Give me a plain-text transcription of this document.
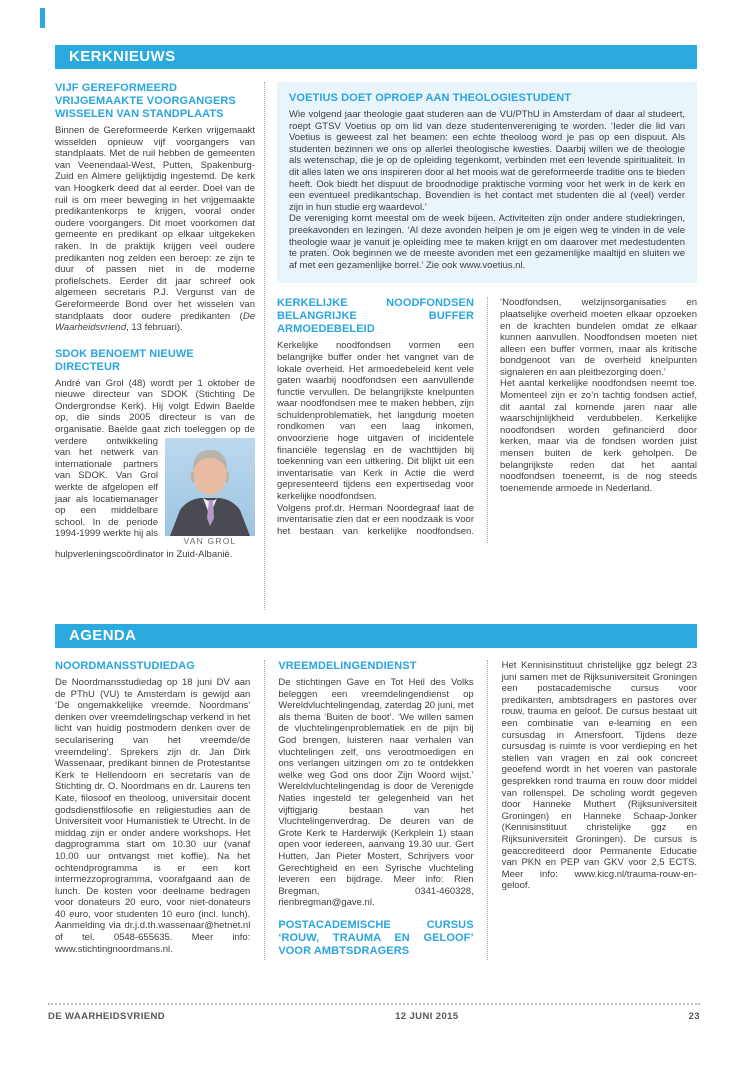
KERKNIEUWS
VIJF GEREFORMEERD VRIJGEMAAKTE VOORGANGERS WISSELEN VAN STANDPLAATS

Binnen de Gereformeerde Kerken vrijgemaakt wisselden opnieuw vijf voorgangers van standplaats. Met de ruil hebben de gemeenten van Veenendaal-West, Putten, Spakenburg-Zuid en Almere gelijktijdig ingestemd. De kerk van Hoogkerk deed dat al eerder. Doel van de ruil is om meer beweging in het vrijgemaakte predikantenkorps te krijgen, vooral onder oudere voorgangers. Dit moet voorkomen dat gemeente en predikant op elkaar uitgekeken raken. In de praktijk krijgen veel oudere predikanten nog zelden een beroep: ze zijn te duur of passen niet in de moderne profielschets. Eerder dit jaar schreef ook algemeen secretaris P.J. Vergunst van de Gereformeerde Bond over het wisselen van standplaats door oudere predikanten (De Waarheidsvriend, 13 februari).

SDOK BENOEMT NIEUWE DIRECTEUR

André van Grol (48) wordt per 1 oktober de nieuwe directeur van SDOK (Stichting De Ondergrondse Kerk). Hij volgt Edwin Baelde op, die sinds 2005 directeur is van de organisatie. Baelde gaat zich toeleggen op de verdere
VAN GROL
ontwikkeling van het netwerk van internationale partners van SDOK. Van Grol werkte de afgelopen elf jaar als locatiemanager op een middelbare school. In de periode 1994-1999 werkte hij als hulpverleningscoördinator in Zuid-Albanië.

VOETIUS DOET OPROEP AAN THEOLOGIESTUDENT

Wie volgend jaar theologie gaat studeren aan de VU/PThU in Amsterdam of daar al studeert, roept GTSV Voetius op om lid van deze studentenvereniging te worden. ‘Ieder die lid van Voetius is geweest zal het beamen: een echte theoloog word je pas op een dispuut. Als studenten bezinnen we ons op allerlei theologische kwesties. Daarbij willen we de theologie als wetenschap, die je op de opleiding tegenkomt, verbinden met een levende spiritualiteit. In dit alles laten we ons inspireren door al het moois wat de gereformeerde traditie ons te bieden heeft. Ook biedt het dispuut de broodnodige praktische vorming voor het werk in de kerk en een eventueel predikantschap. Bovendien is het contact met studenten die al (veel) verder zijn in hun studie erg waardevol.’

De vereniging komt meestal om de week bijeen. Activiteiten zijn onder andere studiekringen, preekavonden en lezingen. ‘Al deze avonden helpen je om je eigen weg te vinden in de vele theologie waar je vanuit je opleiding mee te maken krijgt en om daarover met medestudenten te praten. Ook beginnen we de meeste avonden met een gezamenlijke maaltijd en sluiten we af met een gezamenlijke borrel.’ Zie ook www.voetius.nl.

KERKELIJKE NOODFONDSEN BELANGRIJKE BUFFER ARMOEDEBELEID

Kerkelijke noodfondsen vormen een belangrijke buffer onder het vangnet van de lokale overheid. Het armoedebeleid kent vele gaten waarbij noodfondsen een aanvullende functie vervullen. De belangrijkste knelpunten waar noodfondsen mee te maken hebben, zijn schuldenproblematiek, het langdurig moeten rondkomen van een laag inkomen, onvoorziene hoge uitgaven of incidentele financiële tegenslag en de wachttijden bij toekenning van een uitkering. Dit blijkt uit een inventarisatie van Kerk in Actie die werd gepresenteerd tijdens een expertisedag voor kerkelijke noodfondsen.

Volgens prof.dr. Herman Noordegraaf laat de inventarisatie zien dat er een noodzaak is voor het bestaan van kerkelijke noodfondsen. ‘Noodfondsen, welzijnsorganisaties en plaatselijke overheid moeten elkaar opzoeken en de krachten bundelen omdat ze elkaar kunnen aanvullen. Noodfondsen moeten niet alleen een buffer vormen, maar als kritische bondgenoot van de overheid knelpunten signaleren en aan pleitbezorging doen.’

Het aantal kerkelijke noodfondsen neemt toe. Momenteel zijn er zo’n tachtig fondsen actief, dit aantal zal komende jaren naar alle waarschijnlijkheid verdubbelen. Kerkelijke noodfondsen worden gefinancierd door kerken, maar via de fondsen worden juist mensen buiten de kerk geholpen. De belangrijkste reden dat het aantal noodfondsen toeneemt, is de nog steeds toenemende armoede in Nederland.

AGENDA
NOORDMANSSTUDIEDAG

De Noordmansstudiedag op 18 juni DV aan de PThU (VU) te Amsterdam is gewijd aan ‘De ongemakkelijke vreemde. Noordmans’ denken over vreemdelingschap verkend in het licht van huidig postmodern denken over de secularisering van het vreemde/de vreemdeling’. Sprekers zijn dr. Jan Dirk Wassenaar, predikant binnen de Protestantse Kerk te Hellendoorn en secretaris van de Stichting dr. O. Noordmans en dr. Laurens ten Kate, filosoof en theoloog, universitair docent godsdienstfilosofie en religiestudies aan de Universiteit voor Humanistiek te Utrecht. In de middag zijn er onder andere workshops. Het dagprogramma start om 10.30 uur (vanaf 10.00 uur ontvangst met koffie). Na het ochtendprogramma is er een kort intermezzoprogramma, voorafgaand aan de lunch. De kosten voor deelname bedragen voor donateurs 20 euro, voor niet-donateurs 40 euro, voor studenten 10 euro (incl. lunch). Aanmelding via dr.j.d.th.wassenaar@hetnet.nl of tel. 0548-655635. Meer info: www.stichtingnoordmans.nl.

VREEMDELINGENDIENST

De stichtingen Gave en Tot Heil des Volks beleggen een vreemdelingendienst op Wereldvluchtelingendag, zaterdag 20 juni, met als thema ‘Buiten de boot’. ‘We willen samen de vluchtelingenproblematiek en de pijn bij God brengen, luisteren naar verhalen van vluchtelingen zelf, ons verootmoedigen en ons verlangen uitzingen om zo te ontdekken welke weg God ons door Zijn Woord wijst.’ Wereldvluchtelingendag is door de Verenigde Naties ingesteld ter gelegenheid van het vijftigjarig bestaan van het Vluchtelingenverdrag. De deuren van de Grote Kerk te Harderwijk (Kerkplein 1) staan open voor iedereen, aanvang 19.30 uur. Gert Hutten, Jan Pieter Mostert, Schrijvers voor Gerechtigheid en een Syrische vluchteling leveren een bijdrage. Meer info: Rien Bregman, 0341-460328, rienbregman@gave.nl.

POSTACADEMISCHE CURSUS ‘ROUW, TRAUMA EN GELOOF’ VOOR AMBTSDRAGERS

Het Kennisinstituut christelijke ggz belegt 23 juni samen met de Rijksuniversiteit Groningen een postacademische cursus voor predikanten, ambtsdragers en pastores over rouw, trauma en geloof. De cursus bestaat uit een combinatie van e-learning en een cursusdag in Amersfoort. Tijdens deze cursusdag is ruimte is voor verdieping en het stellen van vragen en zal ook concreet geoefend wordt in het voeren van pastorale gesprekken rond trauma en rouw door middel van rollenspel. De scholing wordt gegeven door Hanneke Muthert (Rijksuniversiteit Groningen) en Hanneke Schaap-Jonker (Kennisinstituut christelijke ggz en Rijksuniversiteit Groningen). De cursus is geaccrediteerd door Permanente Educatie van PKN en PEP van GKV voor 2,5 ECTS. Meer info: www.kicg.nl/trauma-rouw-en-geloof.

DE WAARHEIDSVRIEND	12 JUNI 2015	23
